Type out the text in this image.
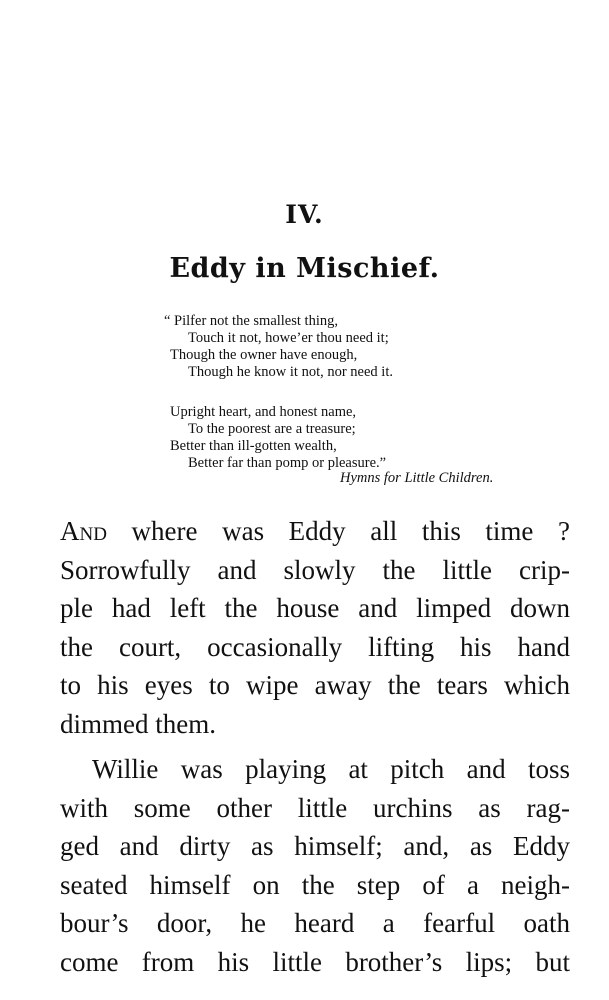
IV.
Eddy in Mischief.
“ Pilfer not the smallest thing,
Touch it not, howe’er thou need it;
Though the owner have enough,
Though he know it not, nor need it.
Upright heart, and honest name,
To the poorest are a treasure;
Better than ill-gotten wealth,
Better far than pomp or pleasure.”
Hymns for Little Children.
And where was Eddy all this time ?
Sorrowfully and slowly the little crip-
ple had left the house and limped down
the court, occasionally lifting his hand
to his eyes to wipe away the tears which
dimmed them.
Willie was playing at pitch and toss
with some other little urchins as rag-
ged and dirty as himself; and, as Eddy
seated himself on the step of a neigh-
bour’s door, he heard a fearful oath
come from his little brother’s lips; but
